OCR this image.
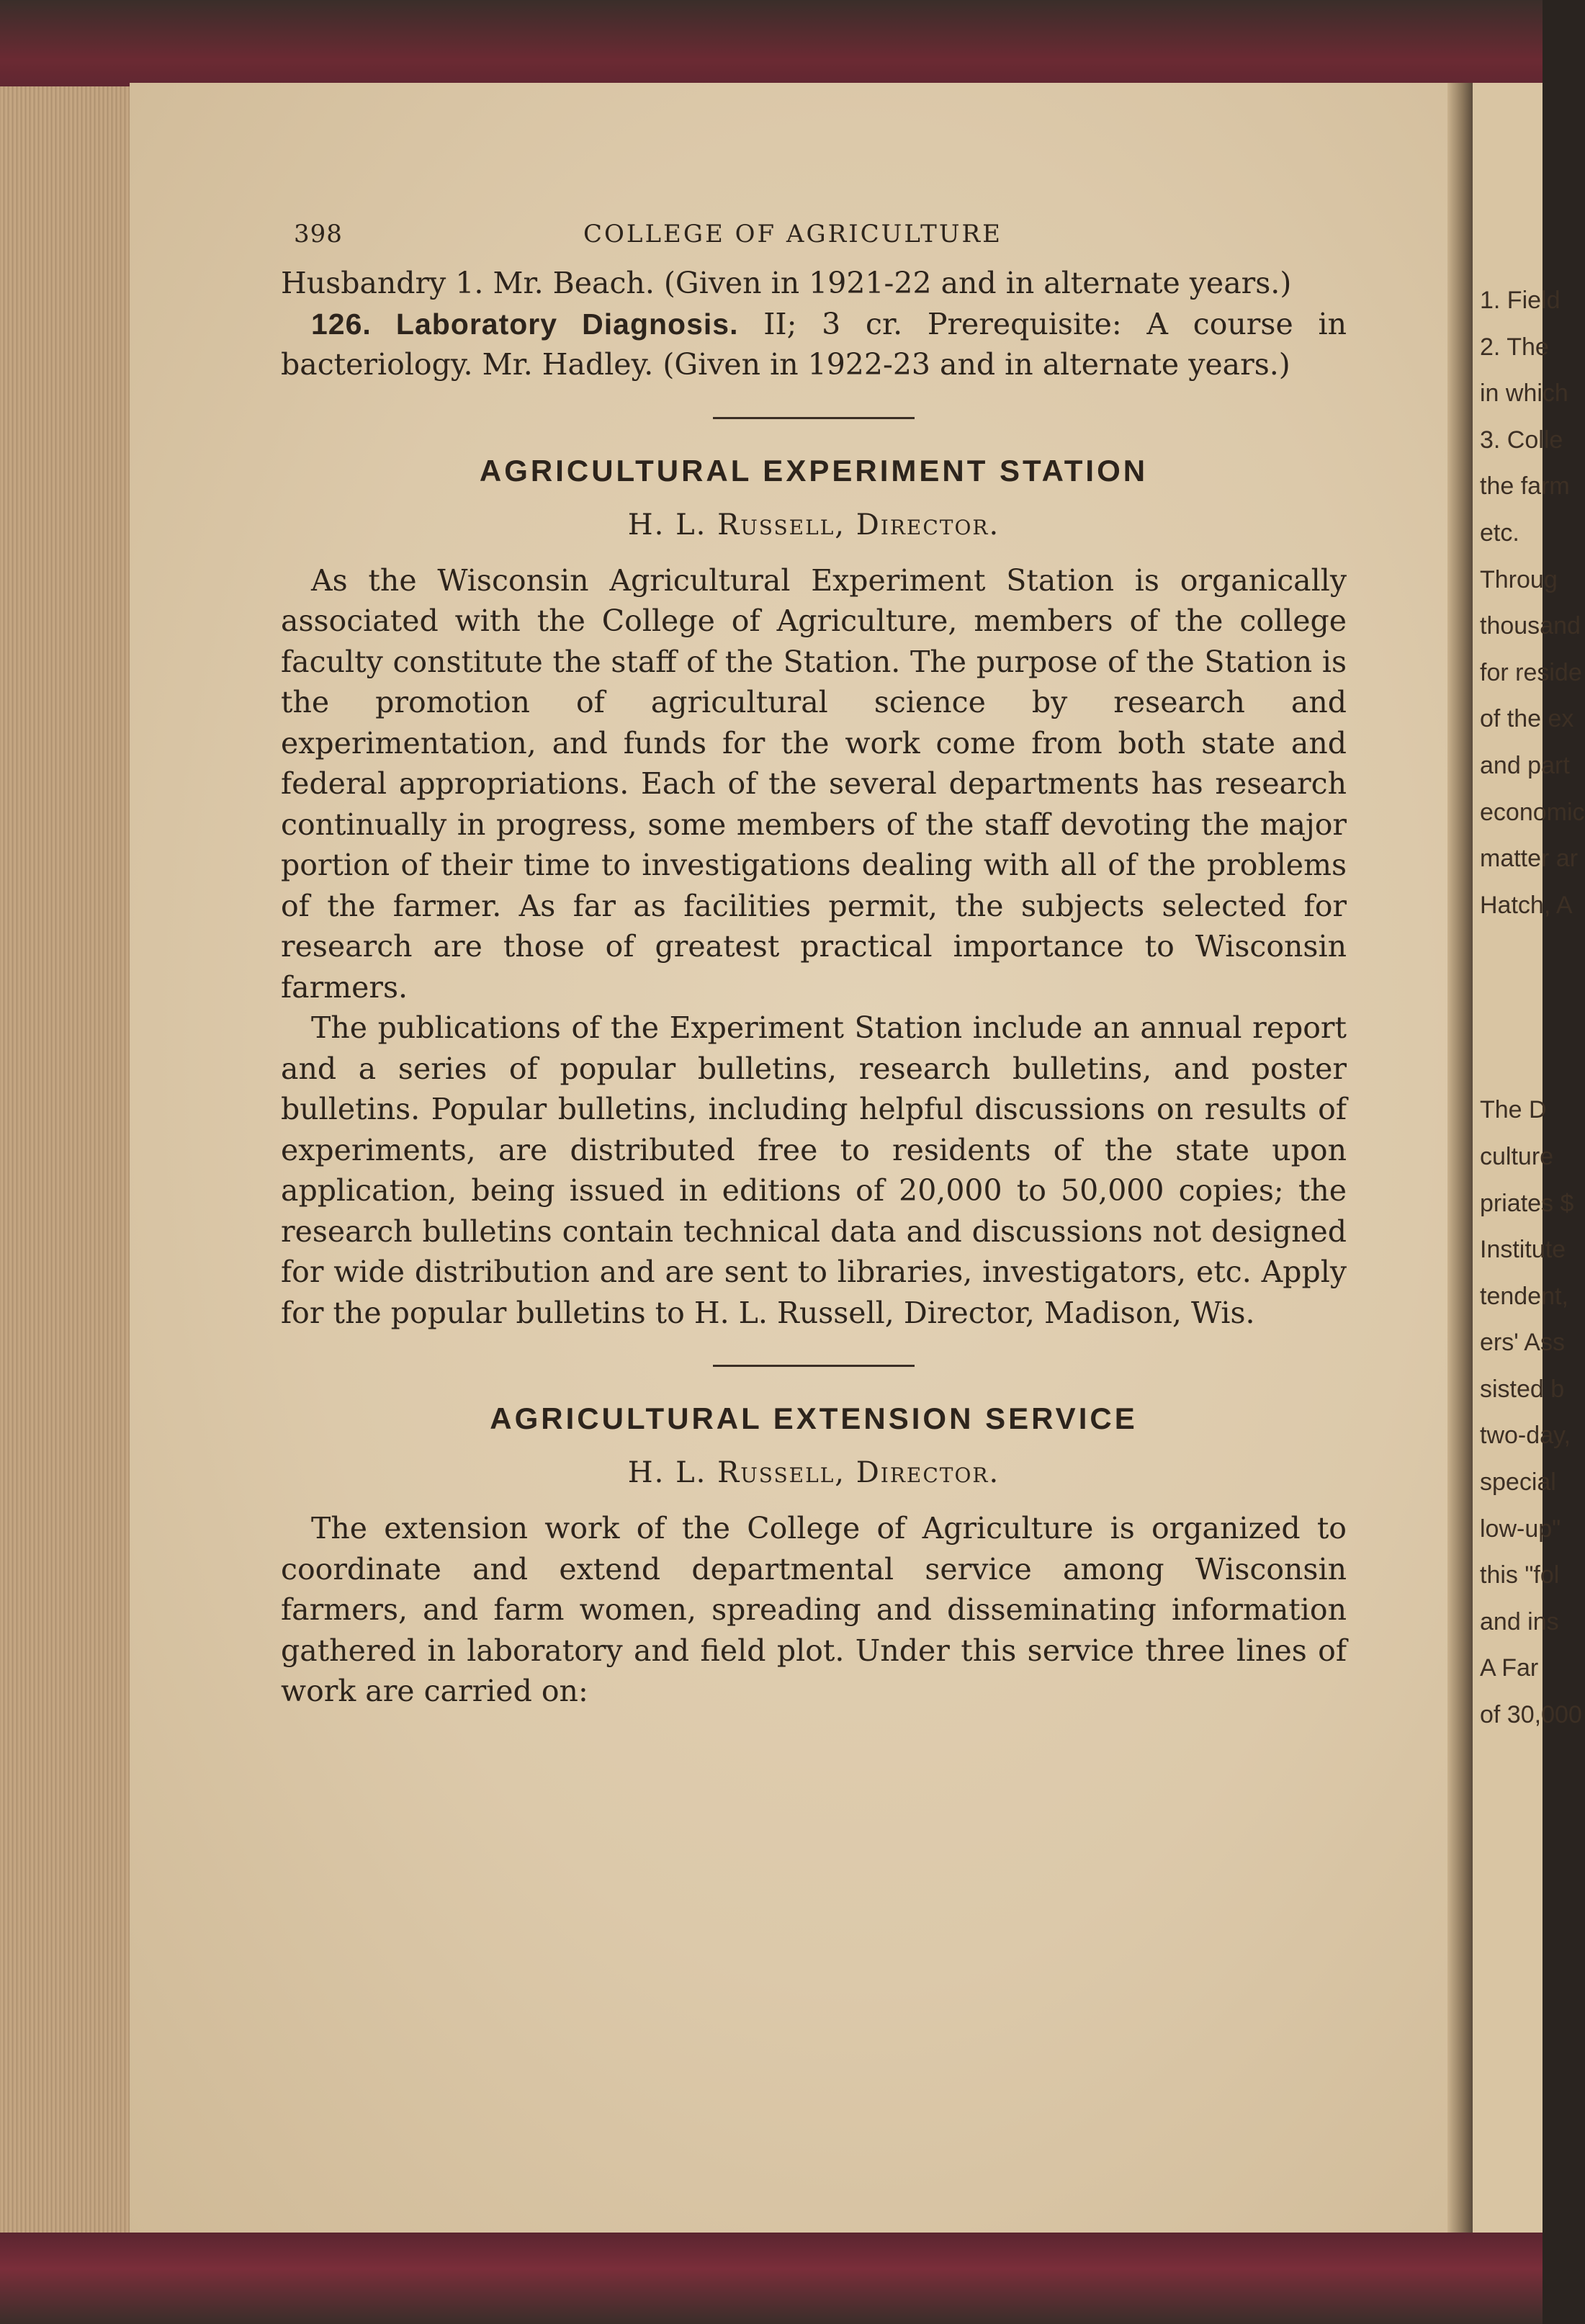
1. Field
2. The
in which
3. Colle
the farm
etc.
Throug
thousand
for reside
of the ex
and part
economic
matter ar
Hatch, A
The D
culture
priates $
Institute
tendent,
ers' Ass
sisted b
two-day,
special
low-up"
this "fol
and ins
A Far
of 30,000
398	COLLEGE OF AGRICULTURE

Husbandry 1. Mr. Beach. (Given in 1921-22 and in alternate years.)

126. Laboratory Diagnosis. II; 3 cr. Prerequisite: A course in bacteriology. Mr. Hadley. (Given in 1922-23 and in alternate years.)

AGRICULTURAL EXPERIMENT STATION
H. L. Russell, Director.

As the Wisconsin Agricultural Experiment Station is organically associated with the College of Agriculture, members of the college faculty constitute the staff of the Station. The purpose of the Station is the promotion of agricultural science by research and experimentation, and funds for the work come from both state and federal appropriations. Each of the several departments has research continually in progress, some members of the staff devoting the major portion of their time to investigations dealing with all of the problems of the farmer. As far as facilities permit, the subjects selected for research are those of greatest practical importance to Wisconsin farmers.

The publications of the Experiment Station include an annual report and a series of popular bulletins, research bulletins, and poster bulletins. Popular bulletins, including helpful discussions on results of experiments, are distributed free to residents of the state upon application, being issued in editions of 20,000 to 50,000 copies; the research bulletins contain technical data and discussions not designed for wide distribution and are sent to libraries, investigators, etc. Apply for the popular bulletins to H. L. Russell, Director, Madison, Wis.

AGRICULTURAL EXTENSION SERVICE
H. L. Russell, Director.

The extension work of the College of Agriculture is organized to coordinate and extend departmental service among Wisconsin farmers, and farm women, spreading and disseminating information gathered in laboratory and field plot. Under this service three lines of work are carried on:
